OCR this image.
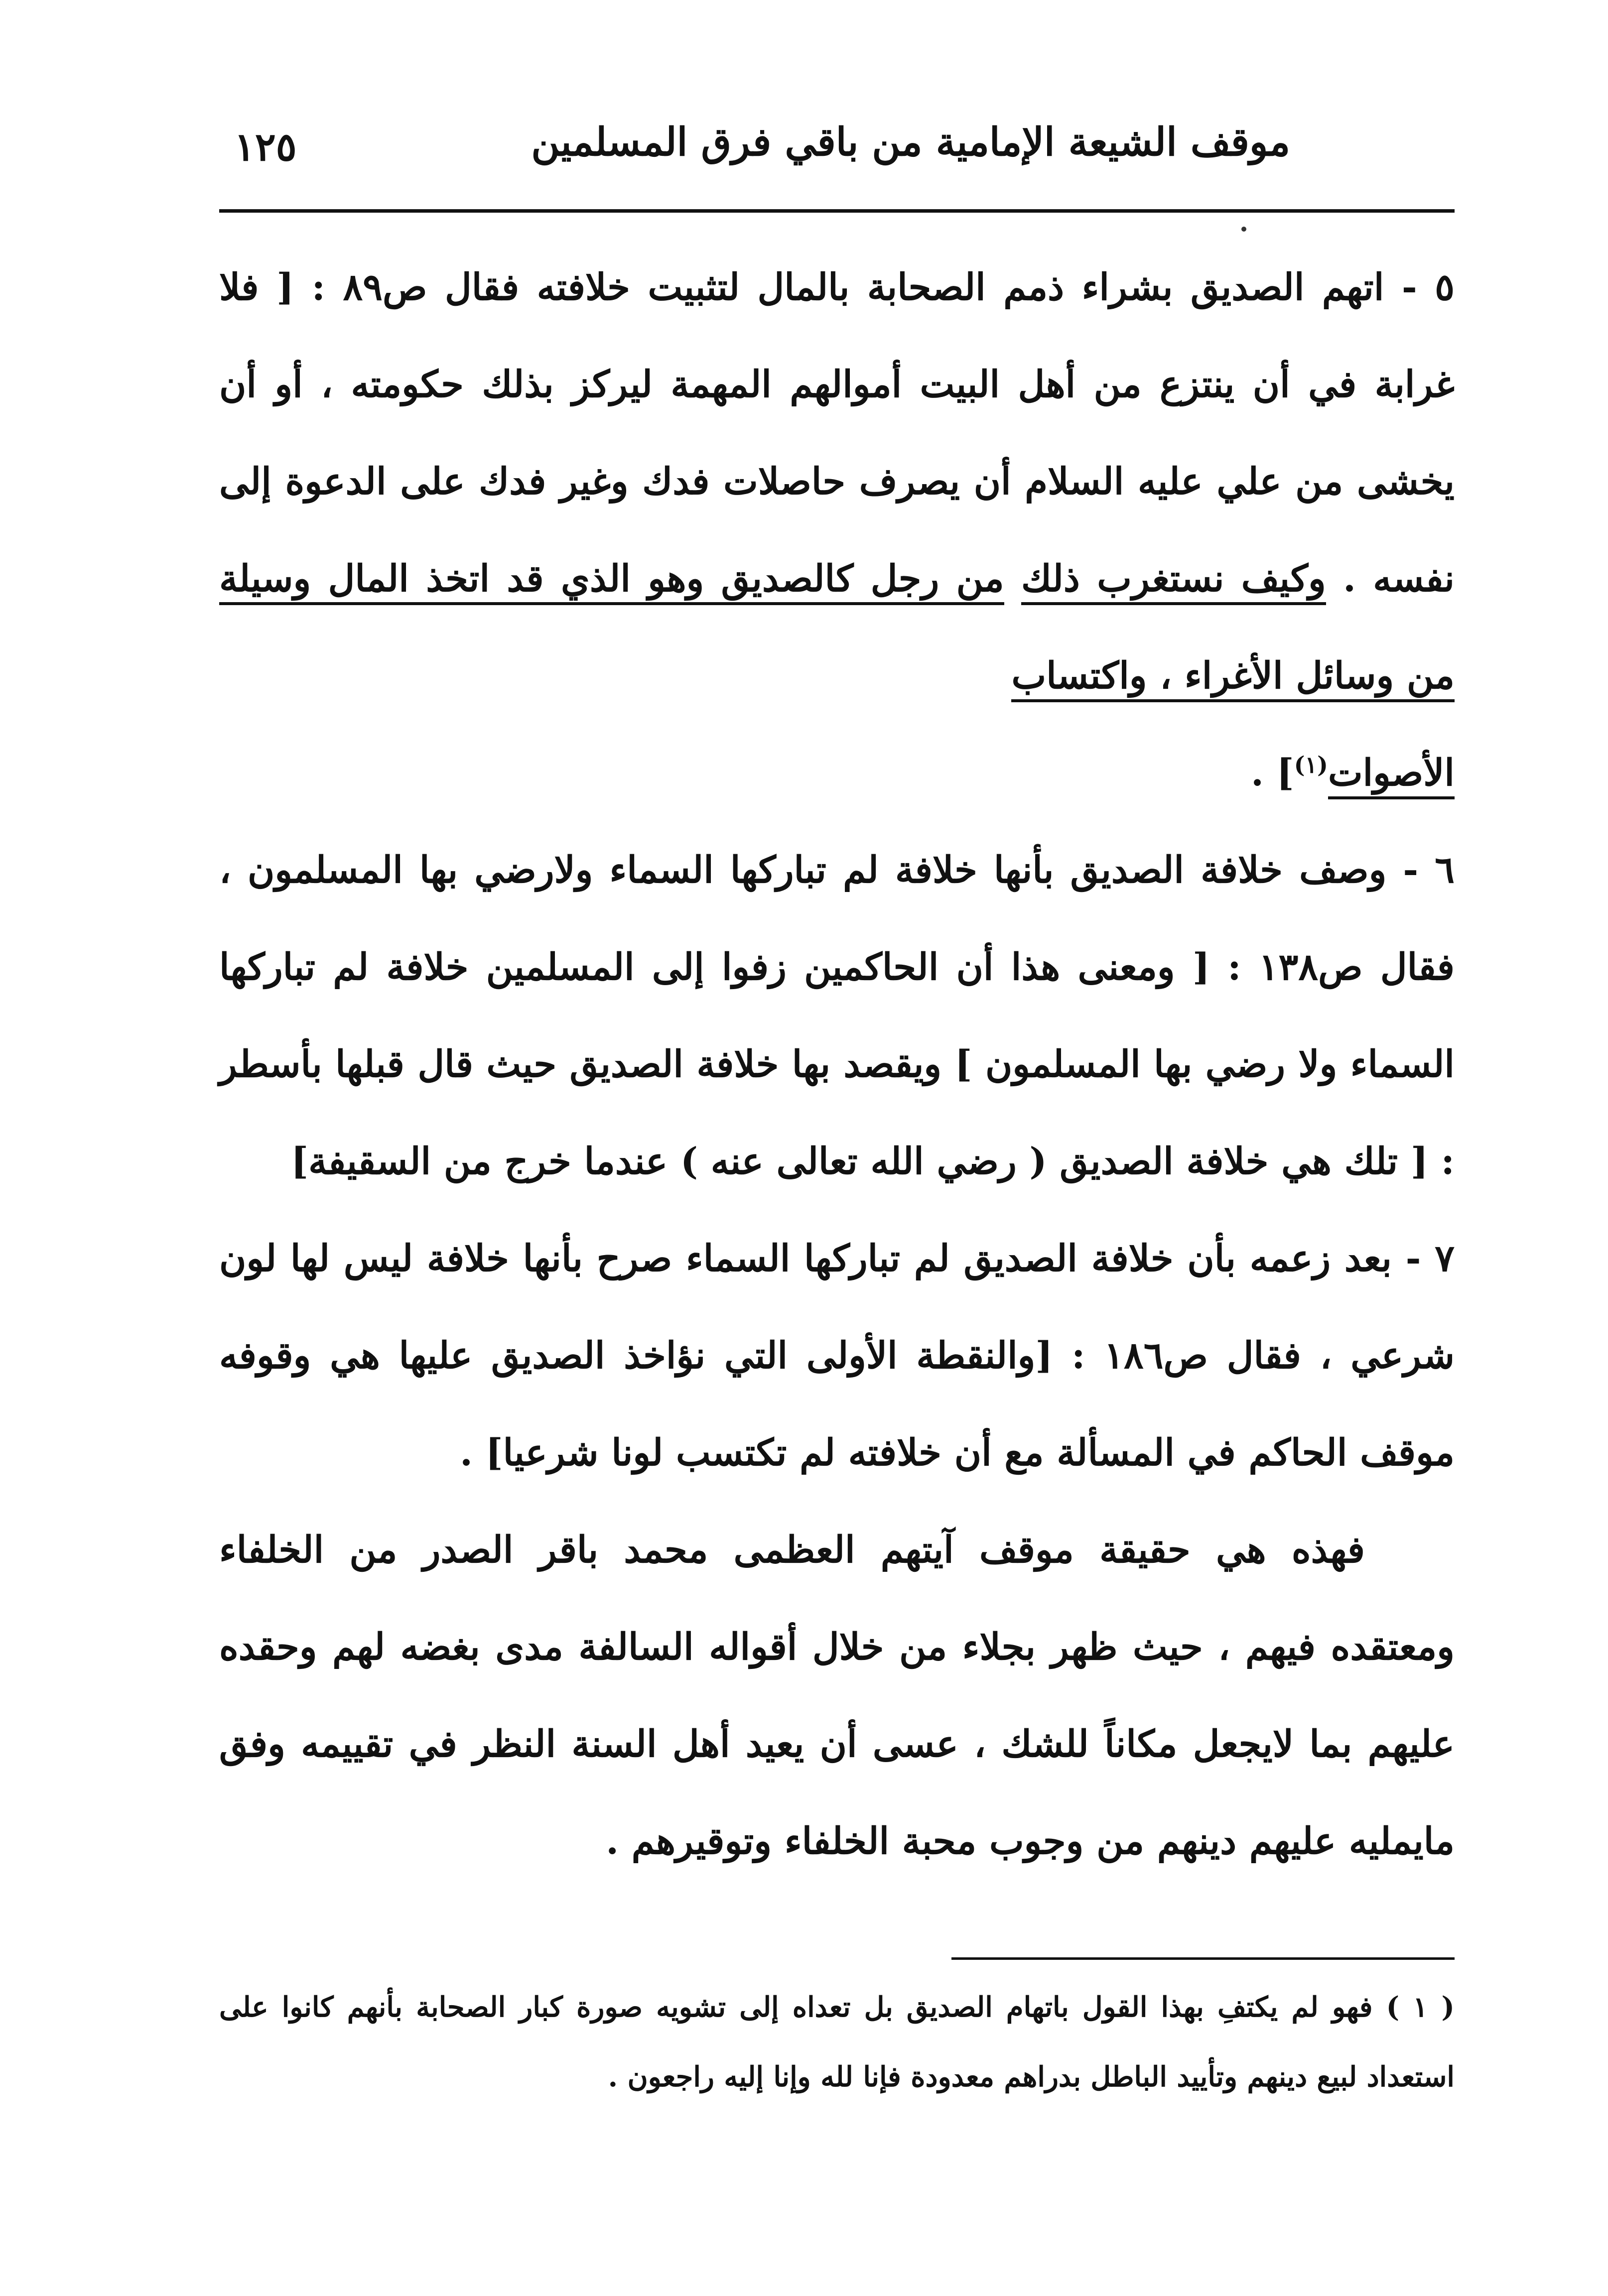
موقف الشيعة الإمامية من باقي فرق المسلمين
١٢٥

٥ - اتهم الصديق بشراء ذمم الصحابة بالمال لتثبيت خلافته فقال ص٨٩ : [ فلا غرابة في أن ينتزع من أهل البيت أموالهم المهمة ليركز بذلك حكومته ، أو أن يخشى من علي عليه السلام أن يصرف حاصلات فدك وغير فدك على الدعوة إلى نفسه . وكيف نستغرب ذلك من رجل كالصديق وهو الذي قد اتخذ المال وسيلة من وسائل الأغراء ، واكتساب
الأصوات$^{(١)}$] .

٦ - وصف خلافة الصديق بأنها خلافة لم تباركها السماء ولارضي بها المسلمون ، فقال ص١٣٨ : [ ومعنى هذا أن الحاكمين زفوا إلى المسلمين خلافة لم تباركها السماء ولا رضي بها المسلمون ] ويقصد بها خلافة الصديق حيث قال قبلها بأسطر : [ تلك هي خلافة الصديق ( رضي الله تعالى عنه ) عندما خرج من السقيفة]

٧ - بعد زعمه بأن خلافة الصديق لم تباركها السماء صرح بأنها خلافة ليس لها لون شرعي ، فقال ص١٨٦ : [والنقطة الأولى التي نؤاخذ الصديق عليها هي وقوفه موقف الحاكم في المسألة مع أن خلافته لم تكتسب لونا شرعيا] .

فهذه هي حقيقة موقف آيتهم العظمى محمد باقر الصدر من الخلفاء ومعتقده فيهم ، حيث ظهر بجلاء من خلال أقواله السالفة مدى بغضه لهم وحقده عليهم بما لايجعل مكاناً للشك ، عسى أن يعيد أهل السنة النظر في تقييمه وفق مايمليه عليهم دينهم من وجوب محبة الخلفاء وتوقيرهم .

( ١ ) فهو لم يكتفِ بهذا القول باتهام الصديق بل تعداه إلى تشويه صورة كبار الصحابة بأنهم كانوا على استعداد لبيع دينهم وتأييد الباطل بدراهم معدودة فإنا لله وإنا إليه راجعون .
